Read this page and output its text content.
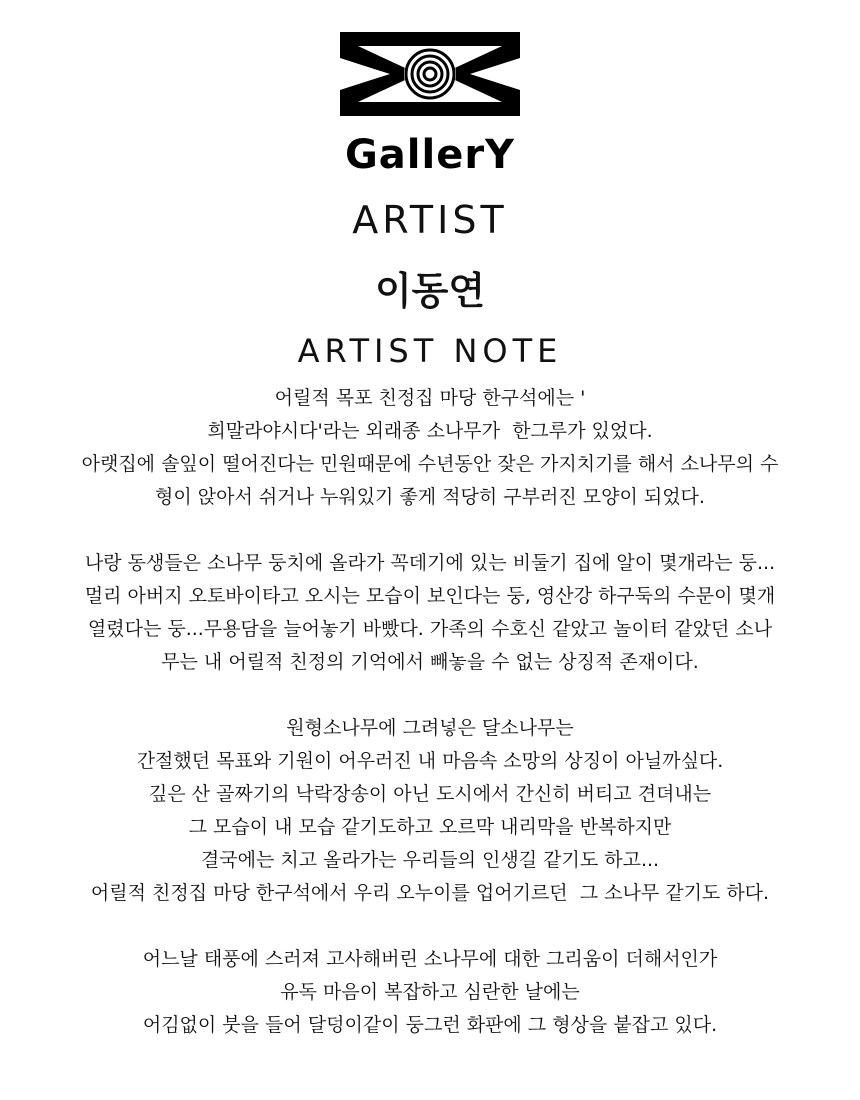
GallerY
ARTIST
이동연
ARTIST NOTE

어릴적 목포 친정집 마당 한구석에는 '
희말라야시다'라는 외래종 소나무가  한그루가 있었다.
아랫집에 솔잎이 떨어진다는 민원때문에 수년동안 잦은 가지치기를 해서 소나무의 수
형이 앉아서 쉬거나 누워있기 좋게 적당히 구부러진 모양이 되었다.

나랑 동생들은 소나무 둥치에 올라가 꼭데기에 있는 비둘기 집에 알이 몇개라는 둥...
멀리 아버지 오토바이타고 오시는 모습이 보인다는 둥, 영산강 하구둑의 수문이 몇개
열렸다는 둥...무용담을 늘어놓기 바빴다. 가족의 수호신 같았고 놀이터 같았던 소나
무는 내 어릴적 친정의 기억에서 빼놓을 수 없는 상징적 존재이다.

원형소나무에 그려넣은 달소나무는
간절했던 목표와 기원이 어우러진 내 마음속 소망의 상징이 아닐까싶다.
깊은 산 골짜기의 낙락장송이 아닌 도시에서 간신히 버티고 견뎌내는
그 모습이 내 모습 같기도하고 오르막 내리막을 반복하지만
결국에는 치고 올라가는 우리들의 인생길 같기도 하고...
어릴적 친정집 마당 한구석에서 우리 오누이를 업어기르던  그 소나무 같기도 하다.

어느날 태풍에 스러져 고사해버린 소나무에 대한 그리움이 더해서인가
유독 마음이 복잡하고 심란한 날에는
어김없이 붓을 들어 달덩이같이 둥그런 화판에 그 형상을 붙잡고 있다.
